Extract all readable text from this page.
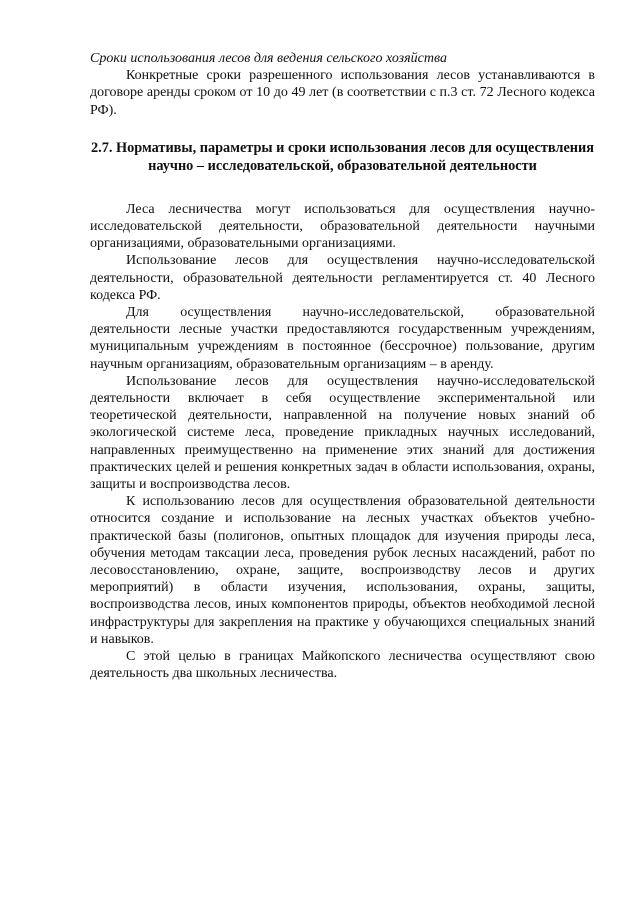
Сроки использования лесов для ведения сельского хозяйства

Конкретные сроки разрешенного использования лесов устанавливаются в договоре аренды сроком от 10 до 49 лет (в соответствии с п.3 ст. 72 Лесного кодекса РФ).

2.7. Нормативы, параметры и сроки использования лесов для осуществления научно – исследовательской, образовательной деятельности

Леса лесничества могут использоваться для осуществления научно-исследовательской деятельности, образовательной деятельности научными организациями, образовательными организациями.

Использование лесов для осуществления научно-исследовательской деятельности, образовательной деятельности регламентируется ст. 40 Лесного кодекса РФ.

Для осуществления научно-исследовательской, образовательной деятельности лесные участки предоставляются государственным учреждениям, муниципальным учреждениям в постоянное (бессрочное) пользование, другим научным организациям, образовательным организациям – в аренду.

Использование лесов для осуществления научно-исследовательской деятельности включает в себя осуществление экспериментальной или теоретической деятельности, направленной на получение новых знаний об экологической системе леса, проведение прикладных научных исследований, направленных преимущественно на применение этих знаний для достижения практических целей и решения конкретных задач в области использования, охраны, защиты и воспроизводства лесов.

К использованию лесов для осуществления образовательной деятельности относится создание и использование на лесных участках объектов учебно-практической базы (полигонов, опытных площадок для изучения природы леса, обучения методам таксации леса, проведения рубок лесных насаждений, работ по лесовосстановлению, охране, защите, воспроизводству лесов и других мероприятий) в области изучения, использования, охраны, защиты, воспроизводства лесов, иных компонентов природы, объектов необходимой лесной инфраструктуры для закрепления на практике у обучающихся специальных знаний и навыков.

С этой целью в границах Майкопского лесничества осуществляют свою деятельность два школьных лесничества.
